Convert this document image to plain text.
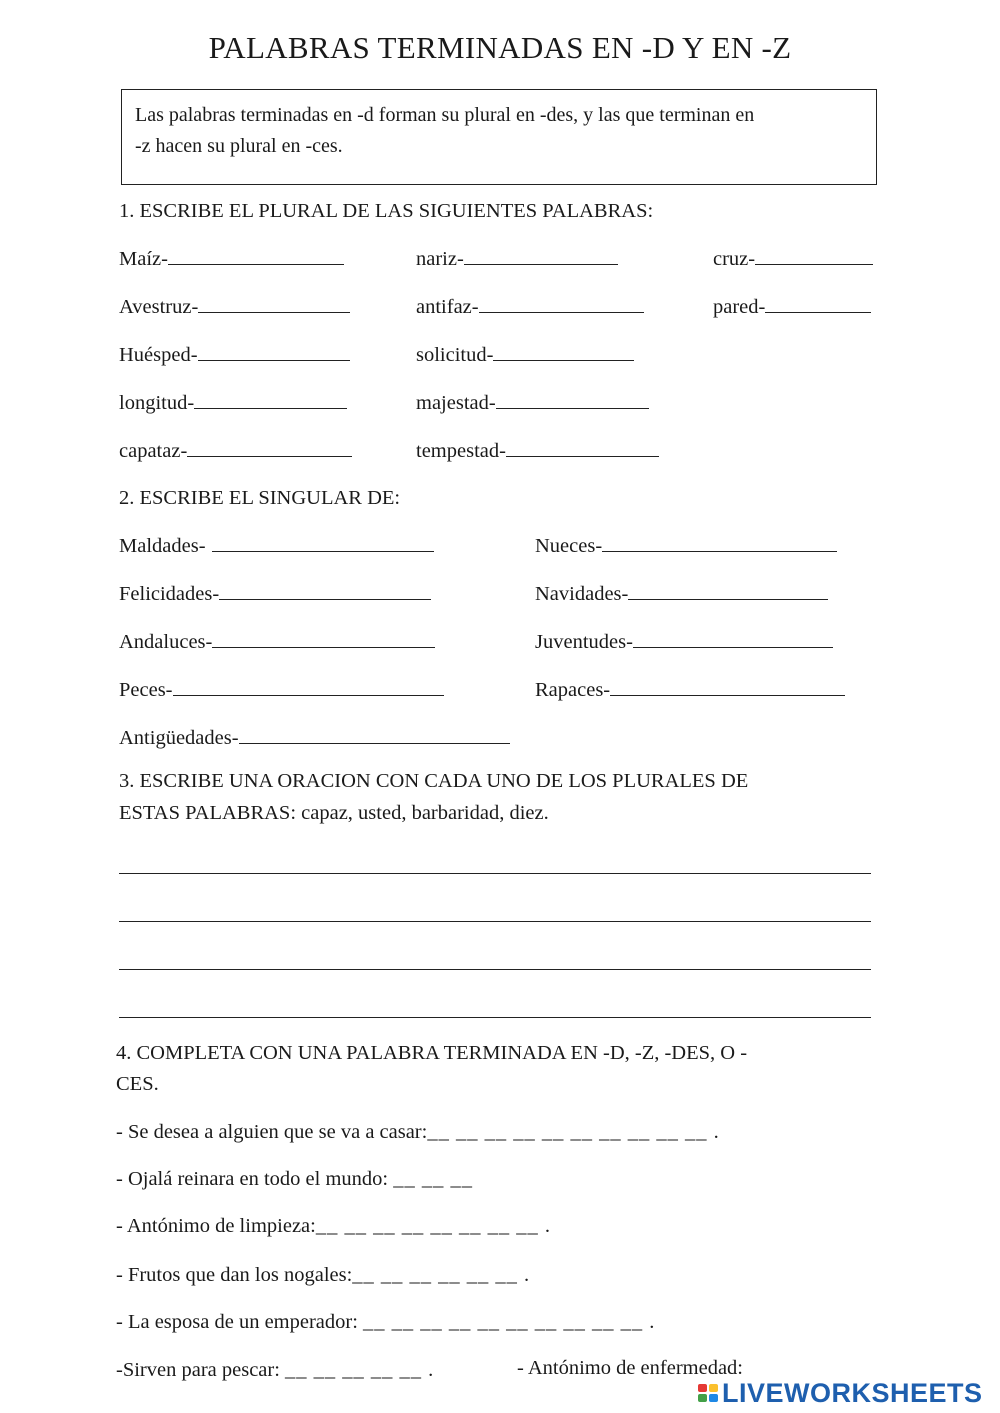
PALABRAS TERMINADAS EN -D Y EN -Z
Las palabras terminadas en -d forman su plural en -des, y las que terminan en
-z hacen su plural en -ces.
1. ESCRIBE EL PLURAL DE LAS SIGUIENTES PALABRAS:
Maíz-	nariz-	cruz-
Avestruz-	antifaz-	pared-
Huésped-	solicitud-
longitud-	majestad-
capataz-	tempestad-
2. ESCRIBE EL SINGULAR DE:
Maldades-	Nueces-
Felicidades-	Navidades-
Andaluces-	Juventudes-
Peces-	Rapaces-
Antigüedades-
3. ESCRIBE UNA ORACION CON CADA UNO DE LOS PLURALES DE
ESTAS PALABRAS: capaz, usted, barbaridad, diez.
4. COMPLETA CON UNA PALABRA TERMINADA EN -D, -Z, -DES, O -
CES.
- Se desea a alguien que se va a casar:__ __ __ __ __ __ __ __ __ __ .
- Ojalá reinara en todo el mundo: __ __ __
- Antónimo de limpieza:__ __ __ __ __ __ __ __ .
- Frutos que dan los nogales:__ __ __ __ __ __ .
- La esposa de un emperador: __ __ __ __ __ __ __ __ __ __ .
-Sirven para pescar: __ __ __ __ __ .	- Antónimo de enfermedad:
LIVEWORKSHEETS
